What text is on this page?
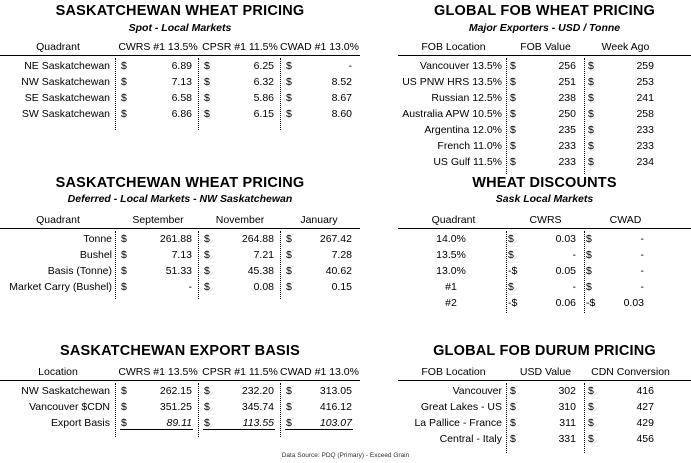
SASKATCHEWAN WHEAT PRICING
Spot - Local Markets
Quadrant	CWRS #1 13.5% CPSR #1 11.5% CWAD #1 13.0%
NE Saskatchewan $	6.89 $	6.25 $	-
NW Saskatchewan $	7.13 $	6.32 $	8.52
SE Saskatchewan $	6.58 $	5.86 $	8.67
SW Saskatchewan $	6.86 $	6.15 $	8.60
GLOBAL FOB WHEAT PRICING
Major Exporters - USD / Tonne
FOB Location	FOB Value	Week Ago
Vancouver 13.5% $	256 $	259
US PNW HRS 13.5% $	251 $	253
Russian 12.5% $	238 $	241
Australia APW 10.5% $	250 $	258
Argentina 12.0% $	235 $	233
French 11.0% $	233 $	233
US Gulf 11.5% $	233 $	234
SASKATCHEWAN WHEAT PRICING
Deferred - Local Markets - NW Saskatchewan
Quadrant	September	November	January
Tonne $	261.88 $	264.88 $	267.42
Bushel $	7.13 $	7.21 $	7.28
Basis (Tonne) $	51.33 $	45.38 $	40.62
Market Carry (Bushel) $	- $	0.08 $	0.15
WHEAT DISCOUNTS
Sask Local Markets
Quadrant	CWRS	CWAD
14.0%	$	0.03 $	-
13.5%	$	- $	-
13.0%	-$	0.05 $	-
#1	$	- $	-
#2	-$	0.06 -$	0.03
SASKATCHEWAN EXPORT BASIS
Location	CWRS #1 13.5% CPSR #1 11.5% CWAD #1 13.0%
NW Saskatchewan $	262.15 $	232.20 $	313.05
Vancouver $CDN $	351.25 $	345.74 $	416.12
Export Basis $	89.11 $	113.55 $	103.07
GLOBAL FOB DURUM PRICING
FOB Location	USD Value	CDN Conversion
Vancouver $	302 $	416
Great Lakes - US $	310 $	427
La Pallice - France $	311 $	429
Central - Italy $	331 $	456
Data Source: PDQ (Primary) - Exceed Grain
